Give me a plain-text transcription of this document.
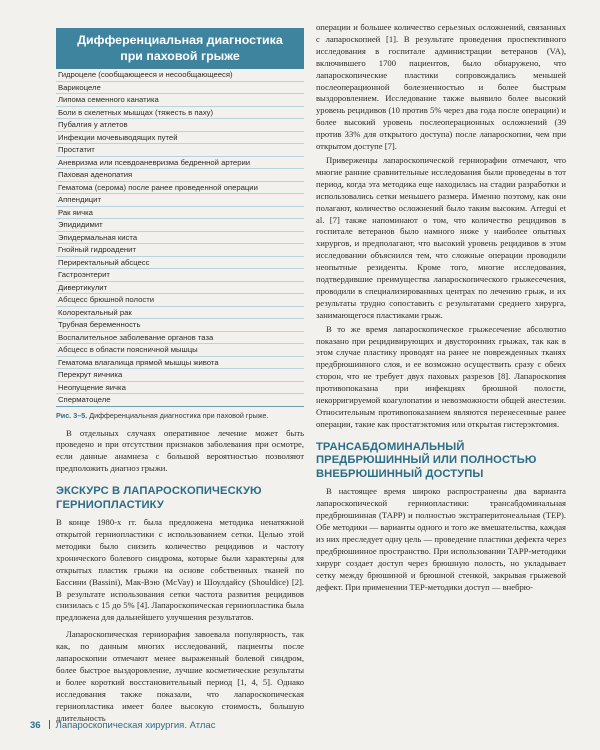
Дифференциальная диагностика
при паховой грыже
Гидроцеле (сообщающееся и несообщающееся)
Варикоцеле
Липома семенного канатика
Боли в скелетных мышцах (тяжесть в паху)
Пубалгия у атлетов
Инфекции мочевыводящих путей
Простатит
Аневризма или псевдоаневризма бедренной артерии
Паховая аденопатия
Гематома (серома) после ранее проведенной операции
Аппендицит
Рак яичка
Эпидидимит
Эпидермальная киста
Гнойный гидроаденит
Периректальный абсцесс
Гастроэнтерит
Дивертикулит
Абсцесс брюшной полости
Колоректальный рак
Трубная беременность
Воспалительное заболевание органов таза
Абсцесс в области поясничной мышцы
Гематома влагалища прямой мышцы живота
Перекрут яичника
Неопущение яичка
Сперматоцеле
Рис. 3–5. Дифференциальная диагностика при паховой грыже.

В отдельных случаях оперативное лечение может быть проведено и при отсутствии признаков заболевания при осмотре, если данные анамнеза с большой вероятностью позволяют предположить диагноз грыжи.

ЭКСКУРС В ЛАПАРОСКОПИЧЕСКУЮ
ГЕРНИОПЛАСТИКУ

В конце 1980-х гг. была предложена методика ненатяжной открытой герниопластики с использованием сетки. Целью этой методики было снизить количество рецидивов и частоту хронического болевого синдрома, которые были характерны для открытых пластик грыжи на основе собственных тканей по Бассини (Bassini), Мак-Вэю (McVay) и Шоулдайсу (Shouldice) [2]. В результате использования сетки частота развития рецидивов снизилась с 15 до 5% [4]. Лапароскопическая герниопластика была предложена для дальнейшего улучшения результатов.

Лапароскопическая герниорафия завоевала популярность, так как, по данным многих исследований, пациенты после лапароскопии отмечают менее выраженный болевой синдром, более быстрое выздоровление, лучшие косметические результаты и более короткий восстановительный период [1, 4, 5]. Однако исследования также показали, что лапароскопическая герниопластика имеет более высокую стоимость, большую длительность

операции и большее количество серьезных осложнений, связанных с лапароскопией [1]. В результате проведения проспективного исследования в госпитале администрации ветеранов (VA), включившего 1700 пациентов, было обнаружено, что лапароскопические пластики сопровождались меньшей послеоперационной болезненностью и более быстрым выздоровлением. Исследование также выявило более высокий уровень рецидивов (10 против 5% через два года после операции) и более высокий уровень послеоперационных осложнений (39 против 33% для открытого доступа) после лапароскопии, чем при открытом доступе [7].

Приверженцы лапароскопической герниорафии отмечают, что многие ранние сравнительные исследования были проведены в тот период, когда эта методика еще находилась на стадии разработки и использовались сетки меньшего размера. Именно поэтому, как они полагают, количество осложнений было таким высоким. Arregui et al. [7] также напоминают о том, что количество рецидивов в госпитале ветеранов было намного ниже у наиболее опытных хирургов, и предполагают, что высокий уровень рецидивов в этом исследовании объяснился тем, что сложные операции проводили неопытные резиденты. Кроме того, многие исследования, подтвердившие преимущества лапароскопического грыжесечения, проводили в специализированных центрах по лечению грыж, и их результаты трудно сопоставить с результатами среднего хирурга, занимающегося пластиками грыж.

В то же время лапароскопическое грыжесечение абсолютно показано при рецидивирующих и двусторонних грыжах, так как в этом случае пластику проводят на ранее не поврежденных тканях предбрюшинного слоя, и ее возможно осуществить сразу с обеих сторон, что не требует двух паховых разрезов [8]. Лапароскопия противопоказана при инфекциях брюшной полости, некорригируемой коагулопатии и невозможности общей анестезии. Относительным противопоказанием являются перенесенные ранее операции, такие как простатэктомия или открытая гистерэктомия.

ТРАНСАБДОМИНАЛЬНЫЙ
ПРЕДБРЮШИННЫЙ ИЛИ ПОЛНОСТЬЮ
ВНЕБРЮШИННЫЙ ДОСТУПЫ

В настоящее время широко распространены два варианта лапароскопической герниопластики: трансабдоминальная предбрюшинная (ТАРР) и полностью экстраперитонеальная (ТЕР). Обе методики — варианты одного и того же вмешательства, каждая из них преследует одну цель — проведение пластики дефекта через предбрюшинное пространство. При использовании ТАРР-методики хирург создает доступ через брюшную полость, но укладывает сетку между брюшиной и брюшной стенкой, закрывая грыжевой дефект. При применении ТЕР-методики доступ — внебрю-

36 Лапароскопическая хирургия. Атлас
